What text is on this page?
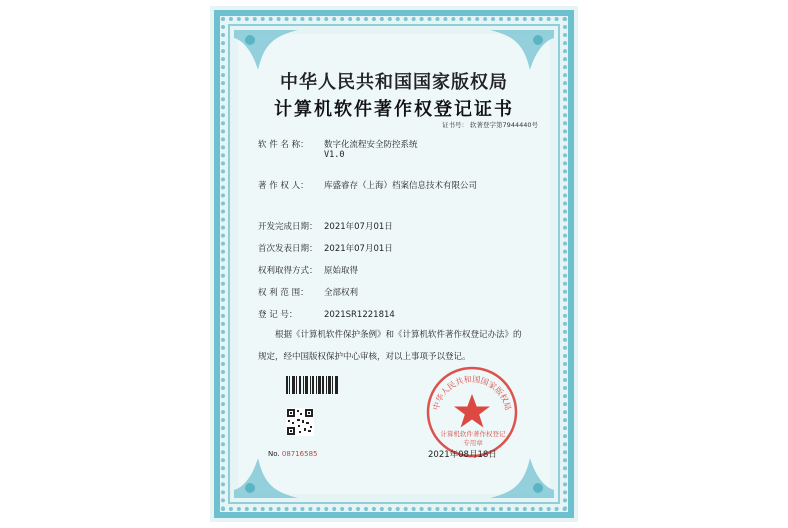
中华人民共和国国家版权局
计算机软件著作权登记证书
证书号： 软著登字第7944440号
软 件 名 称： 数字化流程安全防控系统
V1.0
著 作 权 人： 库盛睿存（上海）档案信息技术有限公司
开发完成日期： 2021年07月01日
首次发表日期： 2021年07月01日
权利取得方式： 原始取得
权 利 范 围： 全部权利
登 记 号：	2021SR1221814
根据《计算机软件保护条例》和《计算机软件著作权登记办法》的
规定，经中国版权保护中心审核，对以上事项予以登记。
No. 08716585
中华人民共和国国家版权局
计算机软件著作权登记专用章
2021年08月18日
